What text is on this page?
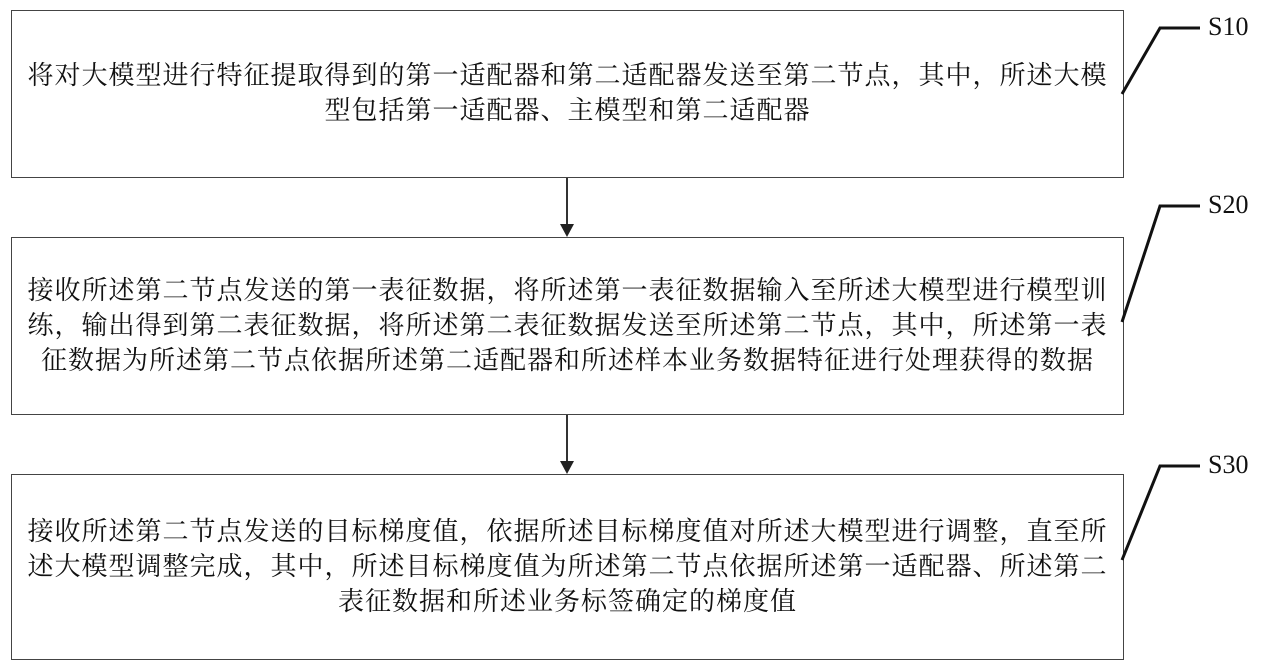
将对大模型进行特征提取得到的第一适配器和第二适配器发送至第二节点，其中，所述大模型包括第一适配器、主模型和第二适配器
接收所述第二节点发送的第一表征数据，将所述第一表征数据输入至所述大模型进行模型训练，输出得到第二表征数据，将所述第二表征数据发送至所述第二节点，其中，所述第一表征数据为所述第二节点依据所述第二适配器和所述样本业务数据特征进行处理获得的数据
接收所述第二节点发送的目标梯度值，依据所述目标梯度值对所述大模型进行调整，直至所述大模型调整完成，其中，所述目标梯度值为所述第二节点依据所述第一适配器、所述第二表征数据和所述业务标签确定的梯度值
S10
S20
S30
